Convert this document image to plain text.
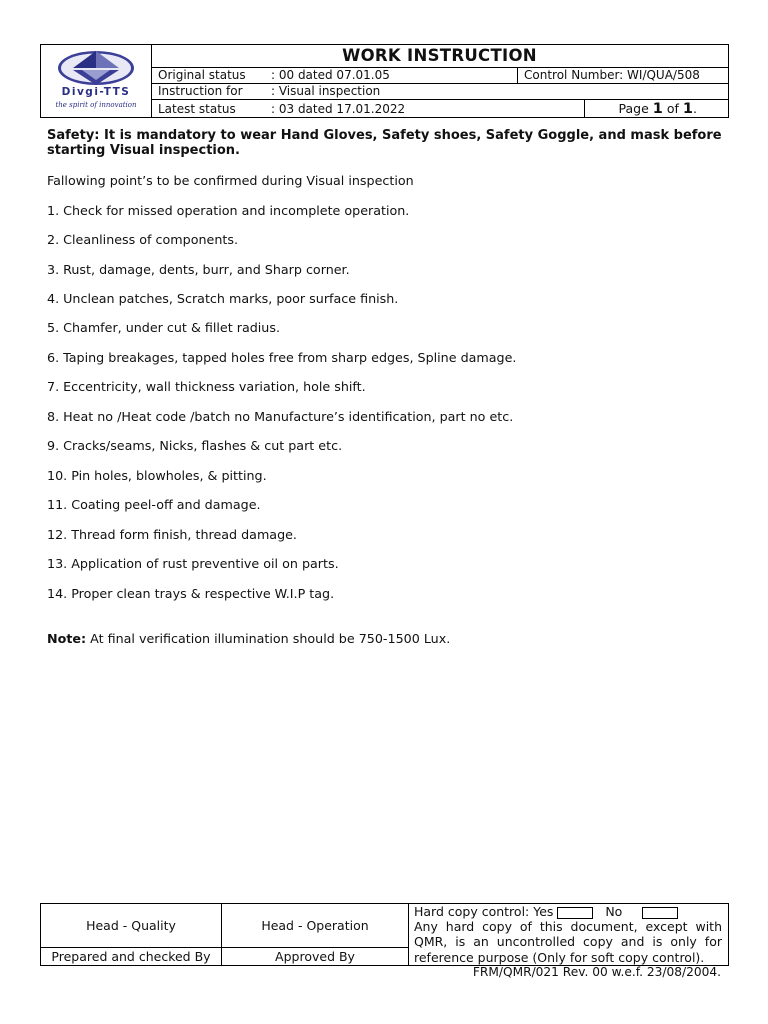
Divgi-TTS
the spirit of innovation
WORK INSTRUCTION
Original status : 00 dated 07.01.05	Control Number: WI/QUA/508
Instruction for : Visual inspection
Latest status	: 03 dated 17.01.2022	Page 1 of 1.
Safety: It is mandatory to wear Hand Gloves, Safety shoes, Safety Goggle, and mask before starting Visual inspection.
Fallowing point’s to be confirmed during Visual inspection
1. Check for missed operation and incomplete operation.
2. Cleanliness of components.
3. Rust, damage, dents, burr, and Sharp corner.
4. Unclean patches, Scratch marks, poor surface finish.
5. Chamfer, under cut & fillet radius.
6. Taping breakages, tapped holes free from sharp edges, Spline damage.
7. Eccentricity, wall thickness variation, hole shift.
8. Heat no /Heat code /batch no Manufacture’s identification, part no etc.
9. Cracks/seams, Nicks, flashes & cut part etc.
10. Pin holes, blowholes, & pitting.
11. Coating peel-off and damage.
12. Thread form finish, thread damage.
13. Application of rust preventive oil on parts.
14. Proper clean trays & respective W.I.P tag.
Note: At final verification illumination should be 750-1500 Lux.
Head - Quality	Head - Operation
Prepared and checked By	Approved By
Hard copy control: Yes	No
Any hard copy of this document, except with QMR, is an uncontrolled copy and is only for reference purpose (Only for soft copy control).
FRM/QMR/021 Rev. 00 w.e.f. 23/08/2004.
